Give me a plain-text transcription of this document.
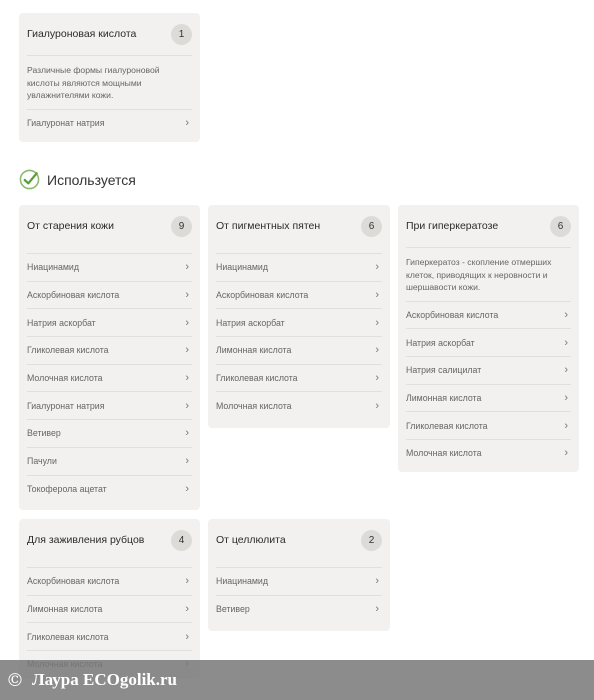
Гиалуроновая кислота	1
Различные формы гиалуроновой кислоты являются мощными увлажнителями кожи.
Гиалуронат натрия	›
Используется
От старения кожи	9
Ниацинамид	›
Аскорбиновая кислота	›
Натрия аскорбат	›
Гликолевая кислота	›
Молочная кислота	›
Гиалуронат натрия	›
Ветивер	›
Пачули	›
Токоферола ацетат	›
От пигментных пятен	6
Ниацинамид	›
Аскорбиновая кислота	›
Натрия аскорбат	›
Лимонная кислота	›
Гликолевая кислота	›
Молочная кислота	›
При гиперкератозе	6
Гиперкератоз - скопление отмерших клеток, приводящих к неровности и шершавости кожи.
Аскорбиновая кислота	›
Натрия аскорбат	›
Натрия салицилат	›
Лимонная кислота	›
Гликолевая кислота	›
Молочная кислота	›
Для заживления рубцов	4
Аскорбиновая кислота	›
Лимонная кислота	›
Гликолевая кислота	›
От целлюлита	2
Ниацинамид	›
Ветивер	›
© Лаура ECOgolik.ru
